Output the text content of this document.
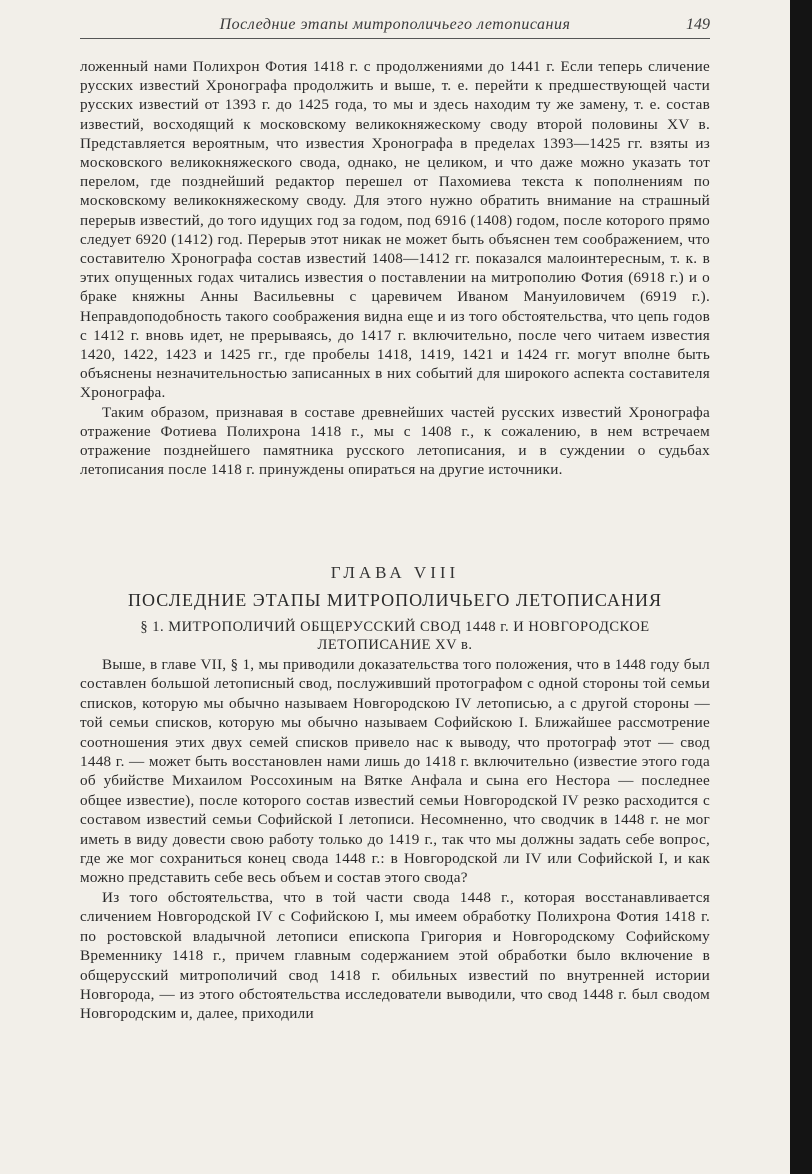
Последние этапы митрополичьего летописания	149

ложенный нами Полихрон Фотия 1418 г. с продолжениями до 1441 г. Если теперь сличение русских известий Хронографа продолжить и выше, т. е. перейти к предшествующей части русских известий от 1393 г. до 1425 года, то мы и здесь находим ту же замену, т. е. состав известий, восходящий к московскому великокняжескому своду второй половины XV в. Представляется вероятным, что известия Хронографа в пределах 1393—1425 гг. взяты из московского великокняжеского свода, однако, не целиком, и что даже можно указать тот перелом, где позднейший редактор перешел от Пахомиева текста к пополнениям по московскому великокняжескому своду. Для этого нужно обратить внимание на страшный перерыв известий, до того идущих год за годом, под 6916 (1408) годом, после которого прямо следует 6920 (1412) год. Перерыв этот никак не может быть объяснен тем соображением, что составителю Хронографа состав известий 1408—1412 гг. показался малоинтересным, т. к. в этих опущенных годах читались известия о поставлении на митрополию Фотия (6918 г.) и о браке княжны Анны Васильевны с царевичем Иваном Мануиловичем (6919 г.). Неправдоподобность такого соображения видна еще и из того обстоятельства, что цепь годов с 1412 г. вновь идет, не прерываясь, до 1417 г. включительно, после чего читаем известия 1420, 1422, 1423 и 1425 гг., где пробелы 1418, 1419, 1421 и 1424 гг. могут вполне быть объяснены незначительностью записанных в них событий для широкого аспекта составителя Хронографа.

Таким образом, признавая в составе древнейших частей русских известий Хронографа отражение Фотиева Полихрона 1418 г., мы с 1408 г., к сожалению, в нем встречаем отражение позднейшего памятника русского летописания, и в суждении о судьбах летописания после 1418 г. принуждены опираться на другие источники.

ГЛАВА VIII
ПОСЛЕДНИЕ ЭТАПЫ МИТРОПОЛИЧЬЕГО ЛЕТОПИСАНИЯ
§ 1. МИТРОПОЛИЧИЙ ОБЩЕРУССКИЙ СВОД 1448 г. И НОВГОРОДСКОЕ ЛЕТОПИСАНИЕ XV в.

Выше, в главе VII, § 1, мы приводили доказательства того положения, что в 1448 году был составлен большой летописный свод, послуживший протографом с одной стороны той семьи списков, которую мы обычно называем Новгородскою IV летописью, а с другой стороны — той семьи списков, которую мы обычно называем Софийскою I. Ближайшее рассмотрение соотношения этих двух семей списков привело нас к выводу, что протограф этот — свод 1448 г. — может быть восстановлен нами лишь до 1418 г. включительно (известие этого года об убийстве Михаилом Россохиным на Вятке Анфала и сына его Нестора — последнее общее известие), после которого состав известий семьи Новгородской IV резко расходится с составом известий семьи Софийской I летописи. Несомненно, что сводчик в 1448 г. не мог иметь в виду довести свою работу только до 1419 г., так что мы должны задать себе вопрос, где же мог сохраниться конец свода 1448 г.: в Новгородской ли IV или Софийской I, и как можно представить себе весь объем и состав этого свода?

Из того обстоятельства, что в той части свода 1448 г., которая восстанавливается сличением Новгородской IV с Софийскою I, мы имеем обработку Полихрона Фотия 1418 г. по ростовской владычной летописи епископа Григория и Новгородскому Софийскому Временнику 1418 г., причем главным содержанием этой обработки было включение в общерусский митрополичий свод 1418 г. обильных известий по внутренней истории Новгорода, — из этого обстоятельства исследователи выводили, что свод 1448 г. был сводом Новгородским и, далее, приходили
